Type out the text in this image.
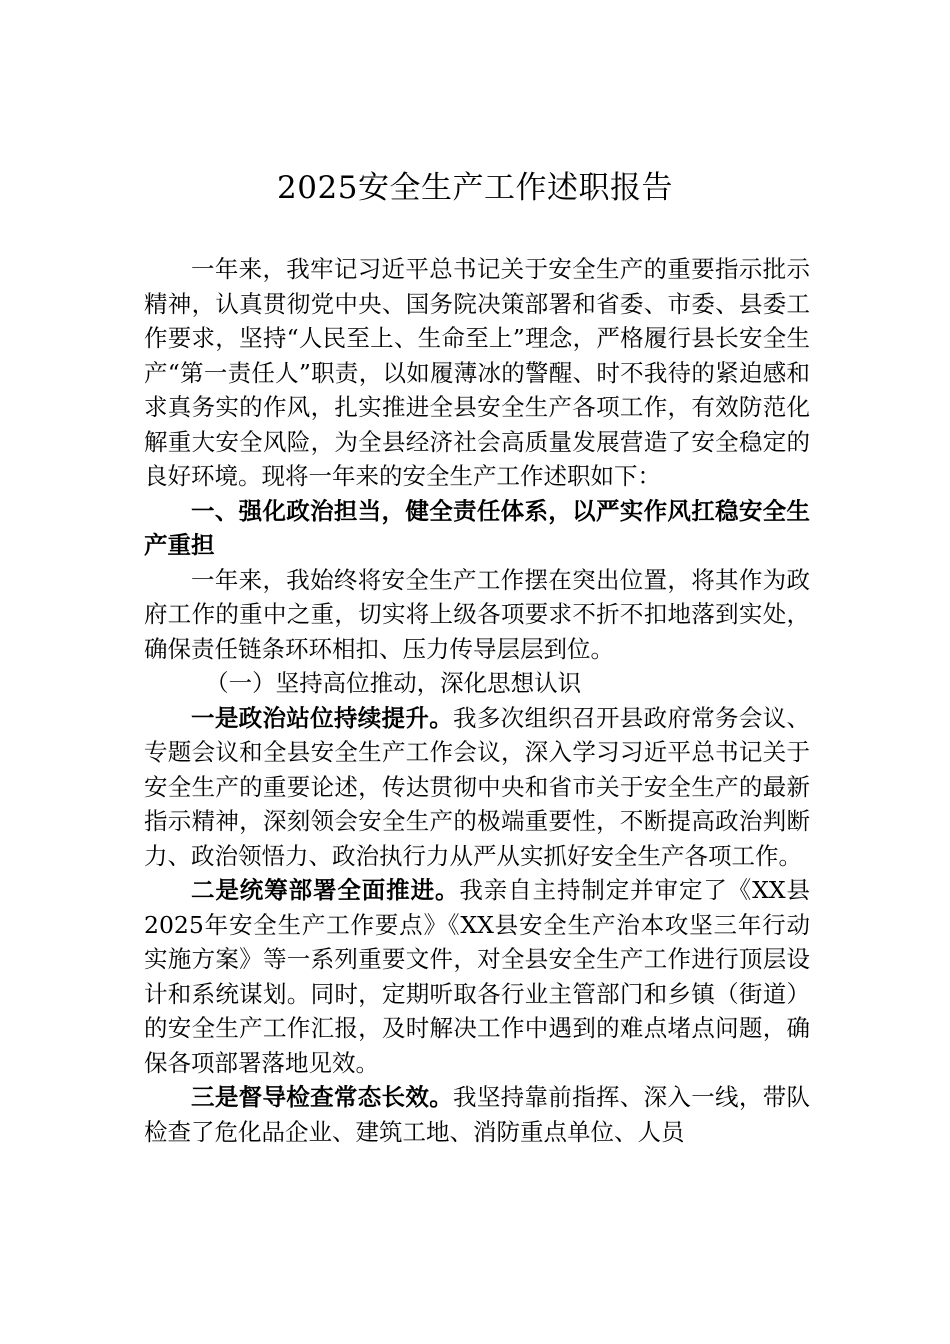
2025安全生产工作述职报告

一年来，我牢记习近平总书记关于安全生产的重要指示批示精神，认真贯彻党中央、国务院决策部署和省委、市委、县委工作要求，坚持“人民至上、生命至上”理念，严格履行县长安全生产“第一责任人”职责，以如履薄冰的警醒、时不我待的紧迫感和求真务实的作风，扎实推进全县安全生产各项工作，有效防范化解重大安全风险，为全县经济社会高质量发展营造了安全稳定的良好环境。现将一年来的安全生产工作述职如下：

一、强化政治担当，健全责任体系，以严实作风扛稳安全生产重担

一年来，我始终将安全生产工作摆在突出位置，将其作为政府工作的重中之重，切实将上级各项要求不折不扣地落到实处，确保责任链条环环相扣、压力传导层层到位。

（一）坚持高位推动，深化思想认识

一是政治站位持续提升。我多次组织召开县政府常务会议、专题会议和全县安全生产工作会议，深入学习习近平总书记关于安全生产的重要论述，传达贯彻中央和省市关于安全生产的最新指示精神，深刻领会安全生产的极端重要性，不断提高政治判断力、政治领悟力、政治执行力从严从实抓好安全生产各项工作。

二是统筹部署全面推进。我亲自主持制定并审定了《XX县2025年安全生产工作要点》《XX县安全生产治本攻坚三年行动实施方案》等一系列重要文件，对全县安全生产工作进行顶层设计和系统谋划。同时，定期听取各行业主管部门和乡镇（街道）的安全生产工作汇报，及时解决工作中遇到的难点堵点问题，确保各项部署落地见效。

三是督导检查常态长效。我坚持靠前指挥、深入一线，带队检查了危化品企业、建筑工地、消防重点单位、人员
